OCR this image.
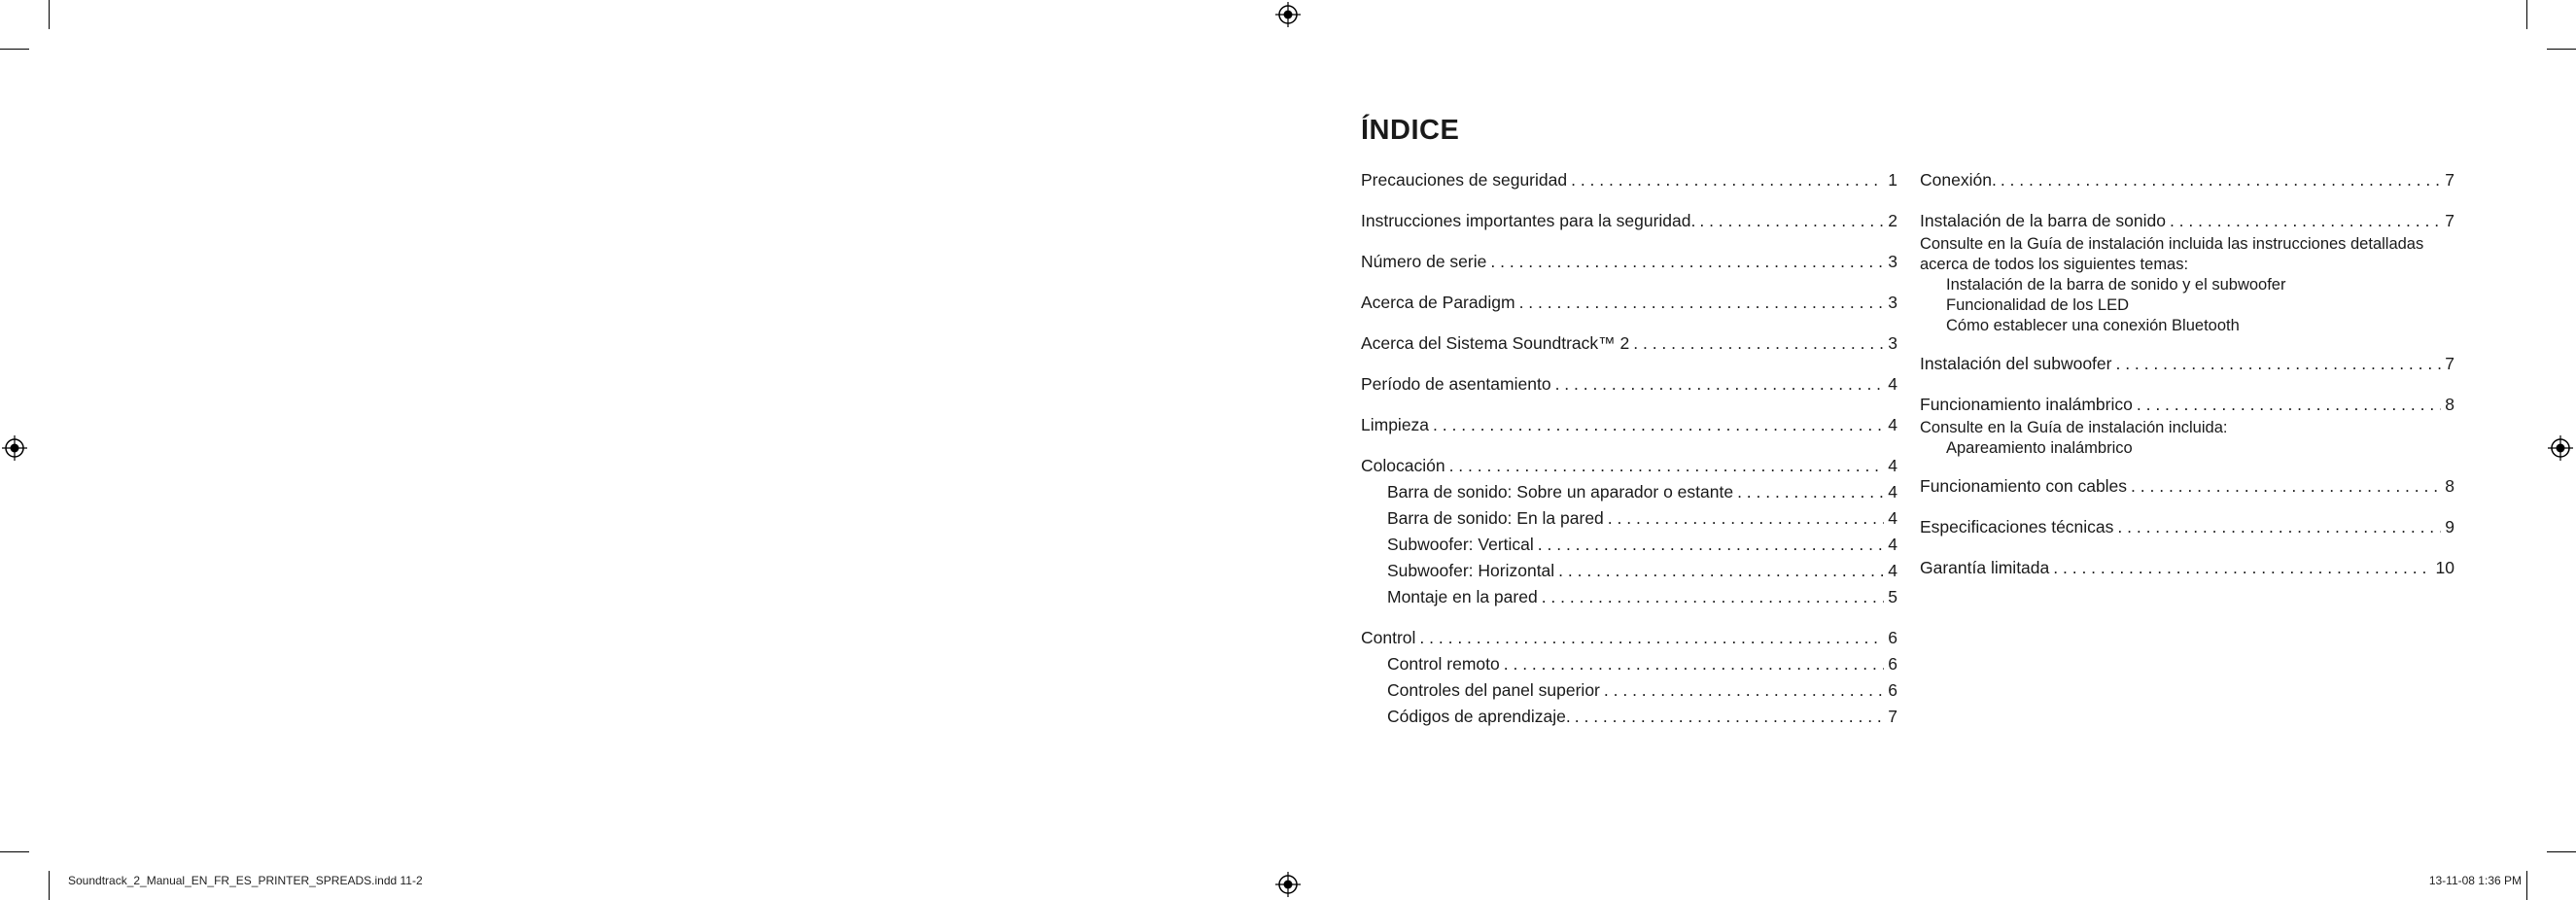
ÍNDICE
Precauciones de seguridad . . .	1
Instrucciones importantes para la seguridad. . . .	2
Número de serie . . .	3
Acerca de Paradigm . . .	3
Acerca del Sistema Soundtrack™ 2 . . .	3
Período de asentamiento . . .	4
Limpieza . . .	4
Colocación . . .	4
Barra de sonido: Sobre un aparador o estante . . .	4
Barra de sonido: En la pared . . .	4
Subwoofer: Vertical . . .	4
Subwoofer: Horizontal . . .	4
Montaje en la pared . . .	5
Control . . .	6
Control remoto . . .	6
Controles del panel superior . . .	6
Códigos de aprendizaje. . . .	7
Conexión. . . .	7
Instalación de la barra de sonido . . .	7
Consulte en la Guía de instalación incluida las instrucciones detalladas
acerca de todos los siguientes temas:
Instalación de la barra de sonido y el subwoofer
Funcionalidad de los LED
Cómo establecer una conexión Bluetooth
Instalación del subwoofer . . .	7
Funcionamiento inalámbrico . . .	8
Consulte en la Guía de instalación incluida:
Apareamiento inalámbrico
Funcionamiento con cables . . .	8
Especificaciones técnicas . . .	9
Garantía limitada . . .	10
Soundtrack_2_Manual_EN_FR_ES_PRINTER_SPREADS.indd 11-2	13-11-08 1:36 PM
